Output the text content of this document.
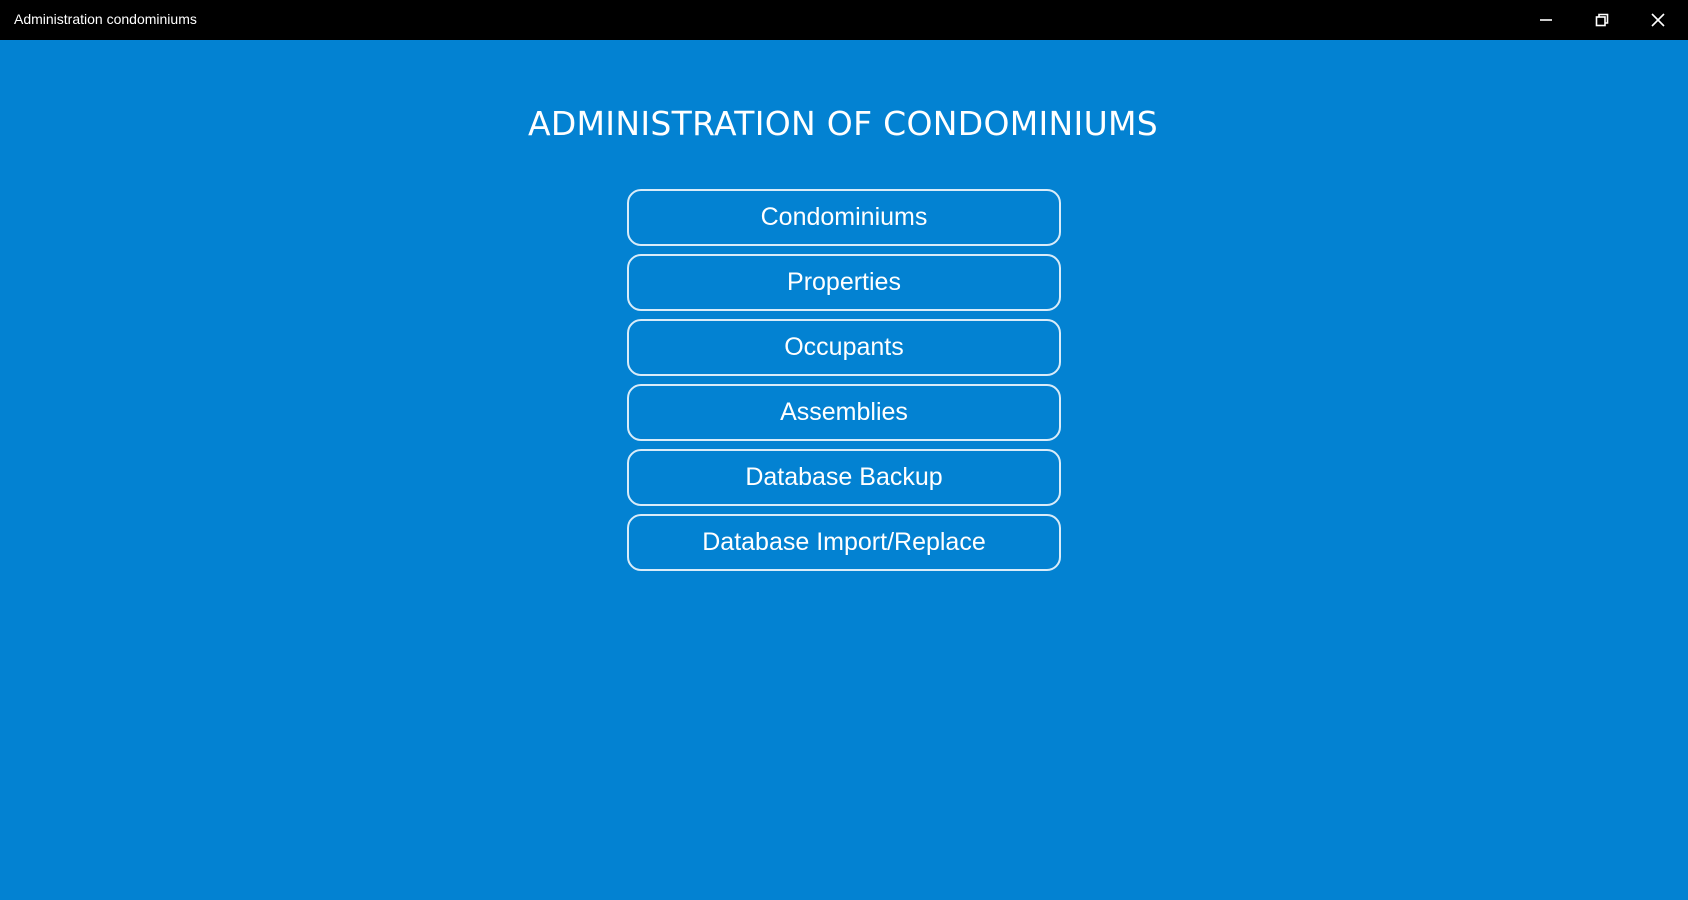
Administration condominiums
ADMINISTRATION OF CONDOMINIUMS
Condominiums
Properties
Occupants
Assemblies
Database Backup
Database Import/Replace
